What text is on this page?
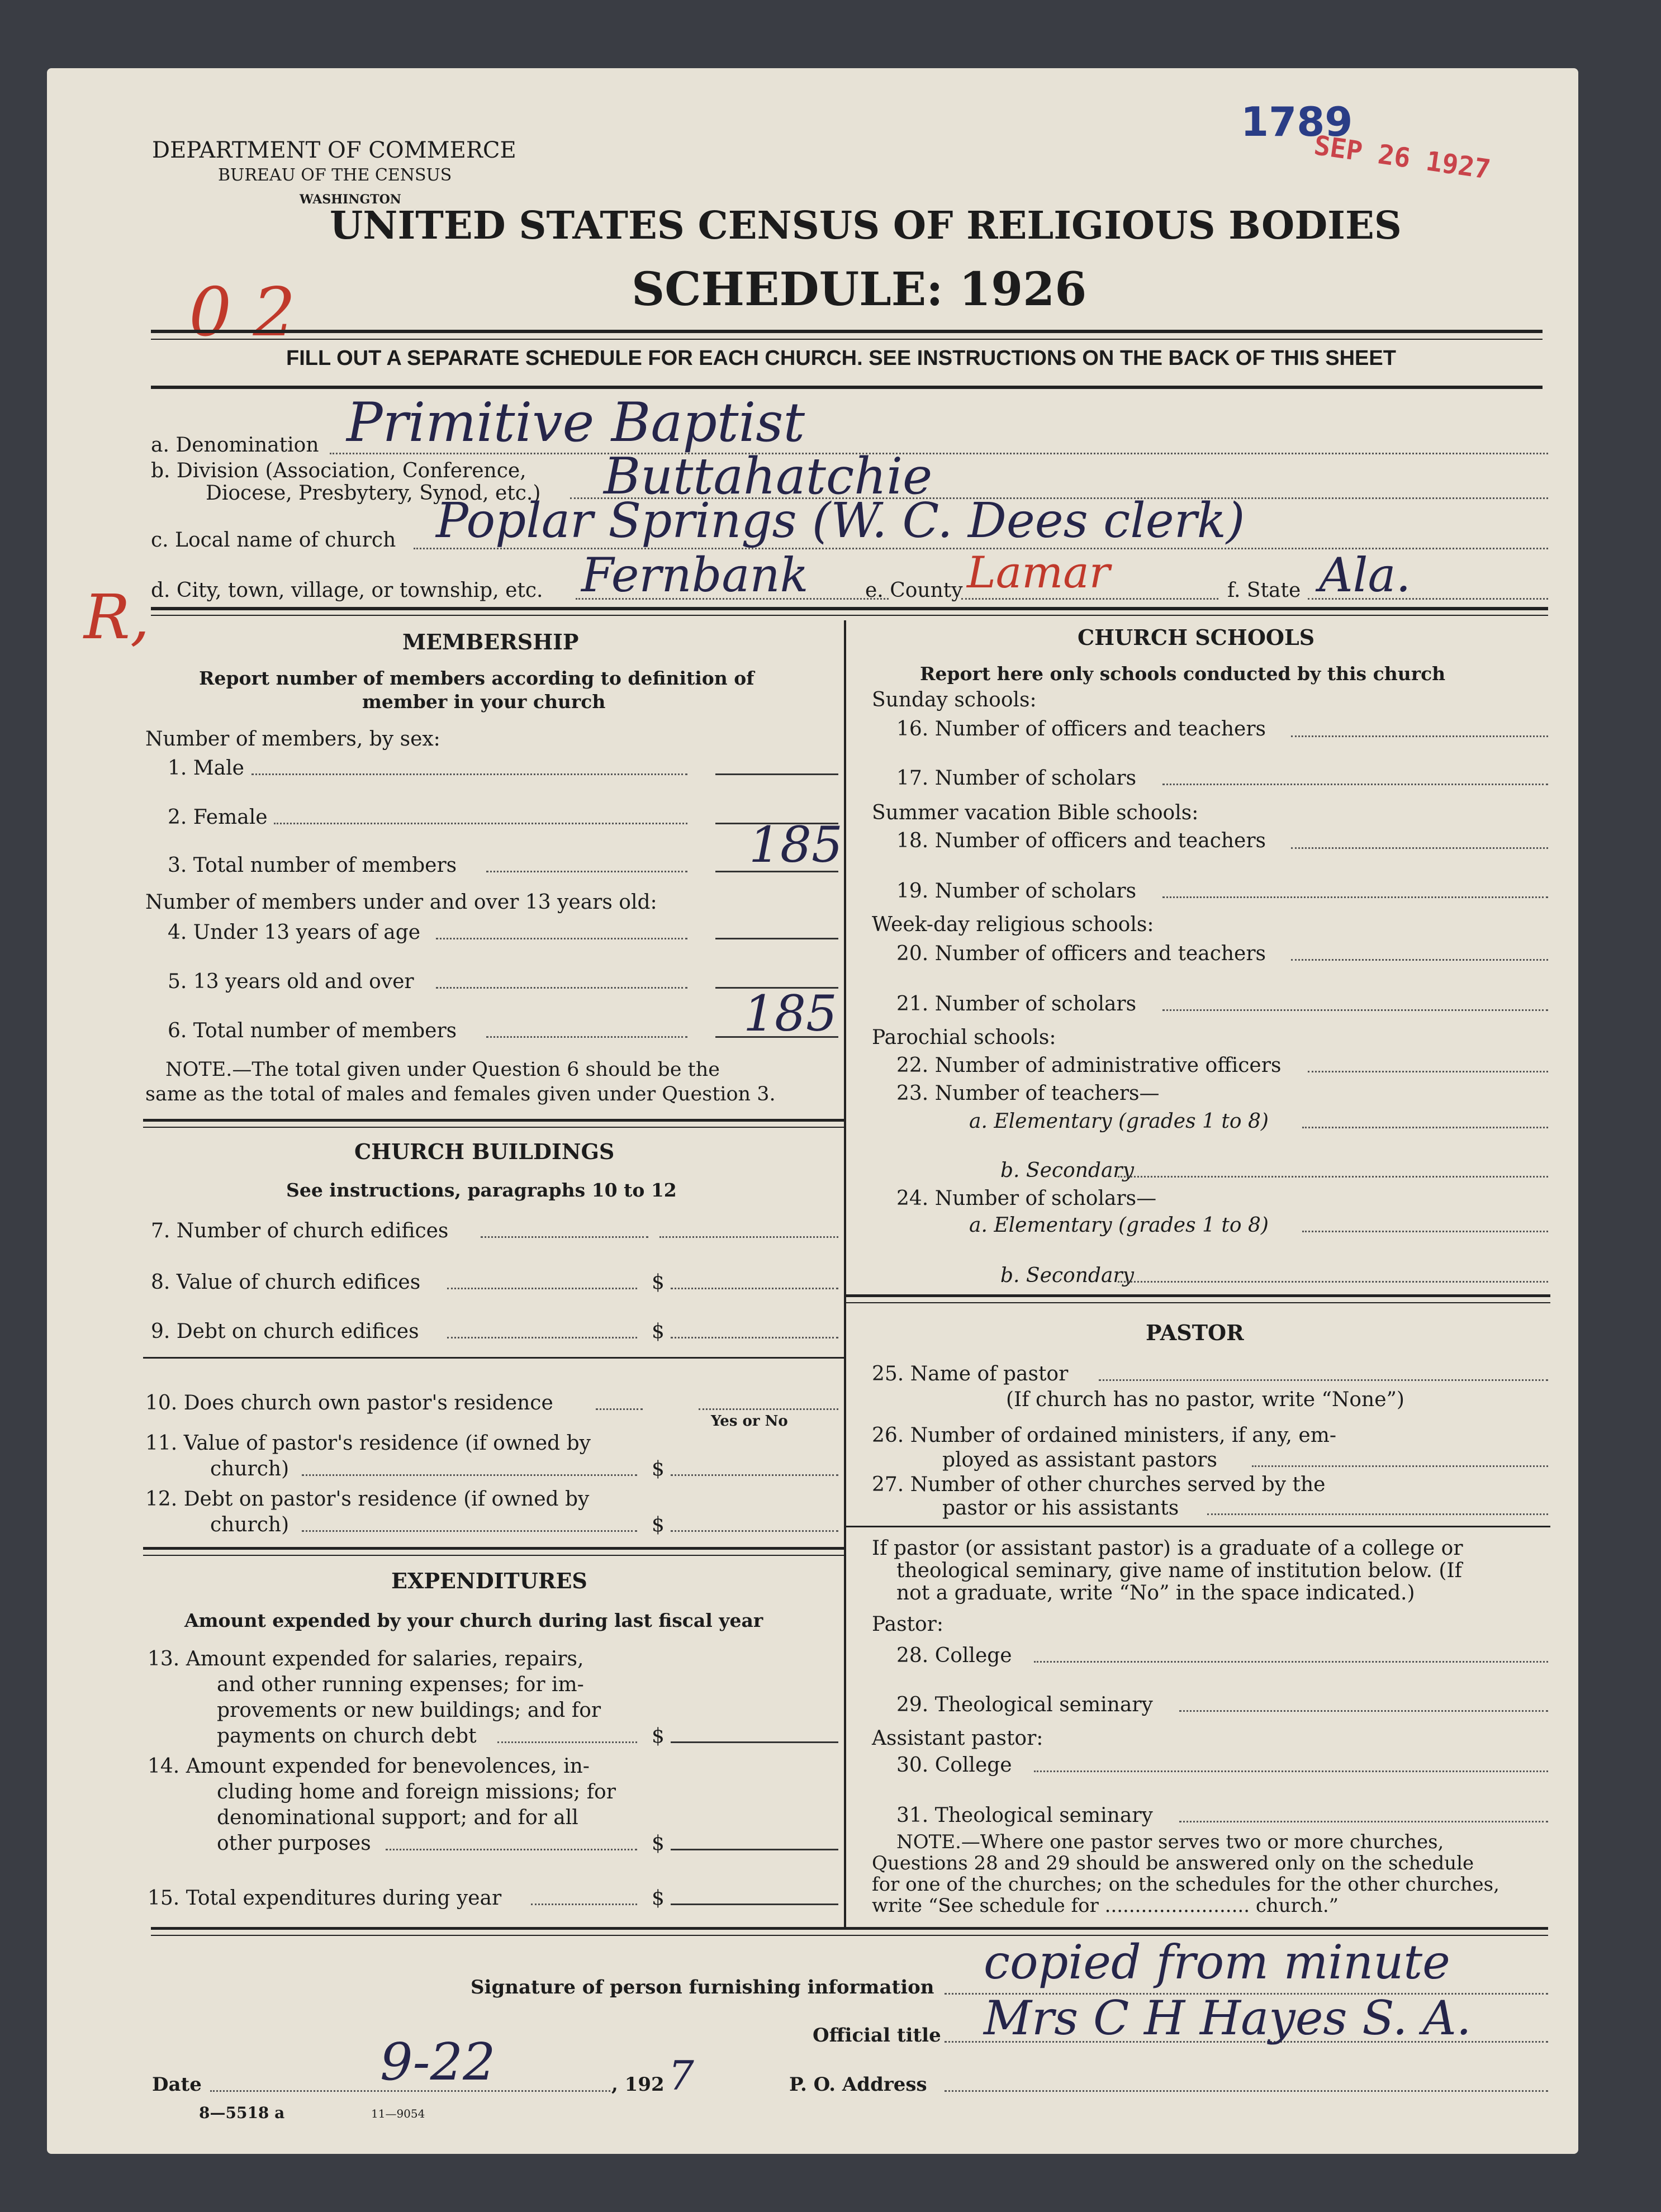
DEPARTMENT OF COMMERCE
BUREAU OF THE CENSUS
WASHINGTON
UNITED STATES CENSUS OF RELIGIOUS BODIES
SCHEDULE: 1926
1789
SEP 26 1927
0 2
R,
FILL OUT A SEPARATE SCHEDULE FOR EACH CHURCH. SEE INSTRUCTIONS ON THE BACK OF THIS SHEET
a. Denomination Primitive Baptist
b. Division (Association, Conference,
Diocese, Presbytery, Synod, etc.) Buttahatchie
c. Local name of church Poplar Springs (W. C. Dees clerk)
d. City, town, village, or township, etc. Fernbank	e. County Lamar	f. State Ala.
MEMBERSHIP
Report number of members according to definition of
member in your church
Number of members, by sex:
1. Male
2. Female
3. Total number of members	185
Number of members under and over 13 years old:
4. Under 13 years of age
5. 13 years old and over
6. Total number of members	185
NOTE.—The total given under Question 6 should be the
same as the total of males and females given under Question 3.
CHURCH BUILDINGS
See instructions, paragraphs 10 to 12
7. Number of church edifices
8. Value of church edifices	$
9. Debt on church edifices	$
10. Does church own pastor's residence
Yes or No
11. Value of pastor's residence (if owned by
church)	$
12. Debt on pastor's residence (if owned by
church)	$
EXPENDITURES
Amount expended by your church during last fiscal year
13. Amount expended for salaries, repairs,
and other running expenses; for im-
provements or new buildings; and for
payments on church debt	$
14. Amount expended for benevolences, in-
cluding home and foreign missions; for
denominational support; and for all
other purposes	$
15. Total expenditures during year	$
CHURCH SCHOOLS
Report here only schools conducted by this church
Sunday schools:
16. Number of officers and teachers
17. Number of scholars
Summer vacation Bible schools:
18. Number of officers and teachers
19. Number of scholars
Week-day religious schools:
20. Number of officers and teachers
21. Number of scholars
Parochial schools:
22. Number of administrative officers
23. Number of teachers—
a. Elementary (grades 1 to 8)
b. Secondary
24. Number of scholars—
a. Elementary (grades 1 to 8)
b. Secondary
PASTOR
25. Name of pastor
(If church has no pastor, write “None”)
26. Number of ordained ministers, if any, em-
ployed as assistant pastors
27. Number of other churches served by the
pastor or his assistants
If pastor (or assistant pastor) is a graduate of a college or
theological seminary, give name of institution below. (If
not a graduate, write “No” in the space indicated.)
Pastor:
28. College
29. Theological seminary
Assistant pastor:
30. College
31. Theological seminary
NOTE.—Where one pastor serves two or more churches,
Questions 28 and 29 should be answered only on the schedule
for one of the churches; on the schedules for the other churches,
write “See schedule for ........................ church.”
Signature of person furnishing information copied from minute
Official title Mrs C H Hayes S. A.
Date	9-22	, 192 7	P. O. Address
8—5518 a	11—9054
